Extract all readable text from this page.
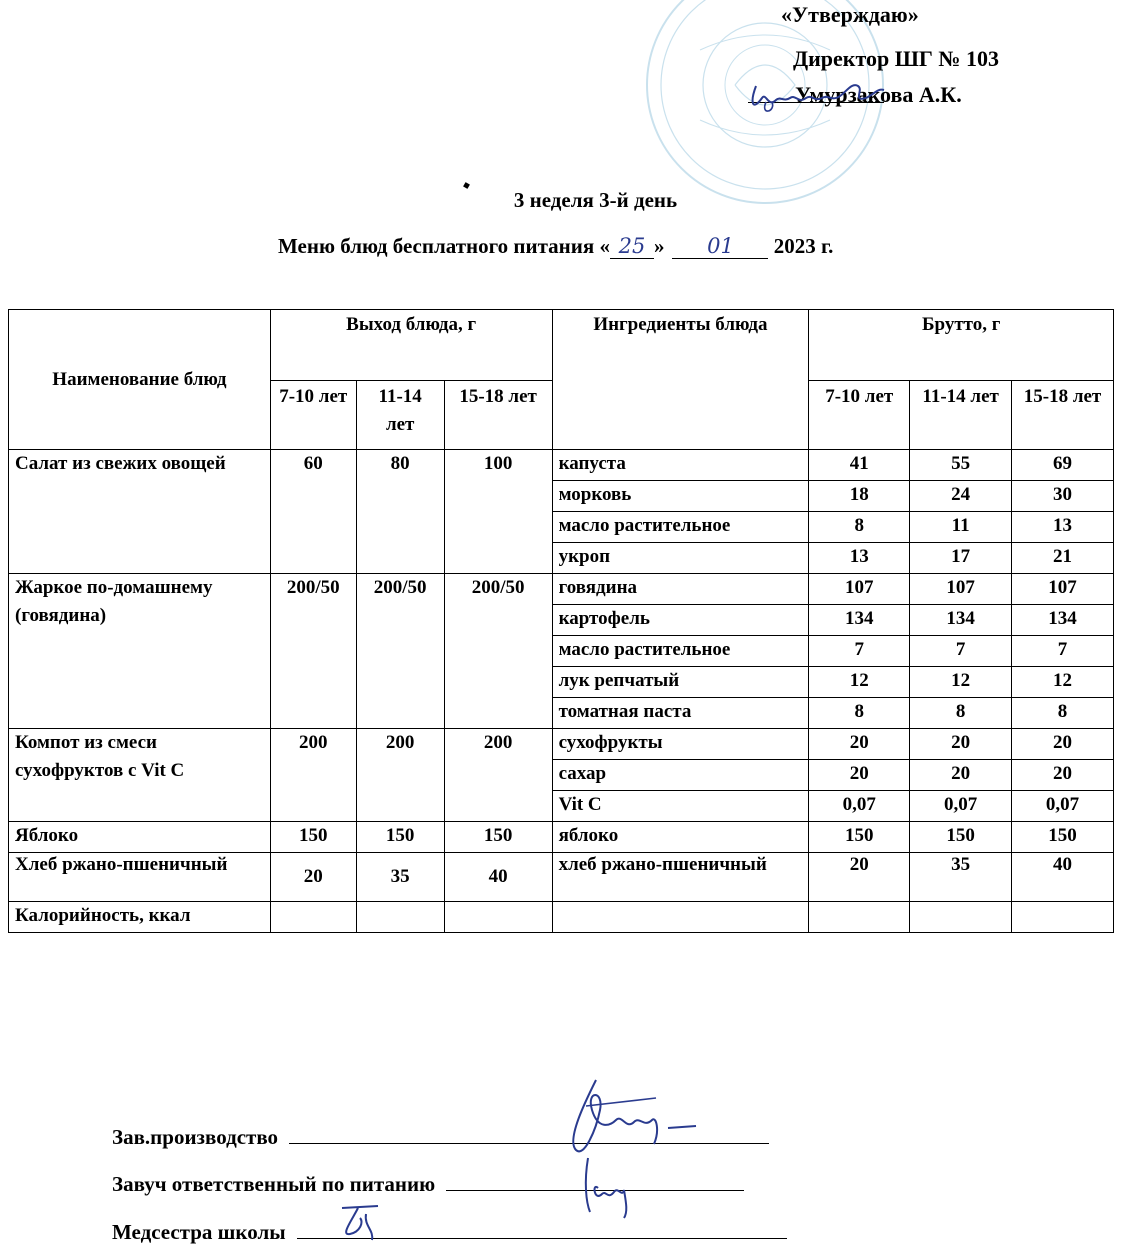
«Утверждаю»
Директор ШГ № 103
Умурзакова А.К.
3 неделя 3-й день
Меню блюд бесплатного питания « 25 » 01 2023 г.
Наименование блюд	Выход блюда, г			Ингредиенты блюда	Брутто, г		
	7-10 лет	11-14 лет	15-18 лет		7-10 лет	11-14 лет	15-18 лет
Салат из свежих овощей	60	80	100	капуста	41	55	69
				морковь	18	24	30
				масло растительное	8	11	13
				укроп	13	17	21
Жаркое по-домашнему (говядина)	200/50	200/50	200/50	говядина	107	107	107
				картофель	134	134	134
				масло растительное	7	7	7
				лук репчатый	12	12	12
				томатная паста	8	8	8
Компот из смеси сухофруктов с Vit C	200	200	200	сухофрукты	20	20	20
				сахар	20	20	20
				Vit C	0,07	0,07	0,07
Яблоко	150	150	150	яблоко	150	150	150
Хлеб ржано-пшеничный	20	35	40	хлеб ржано-пшеничный	20	35	40
Калорийность, ккал							
Зав.производство
Завуч ответственный по питанию
Медсестра школы
